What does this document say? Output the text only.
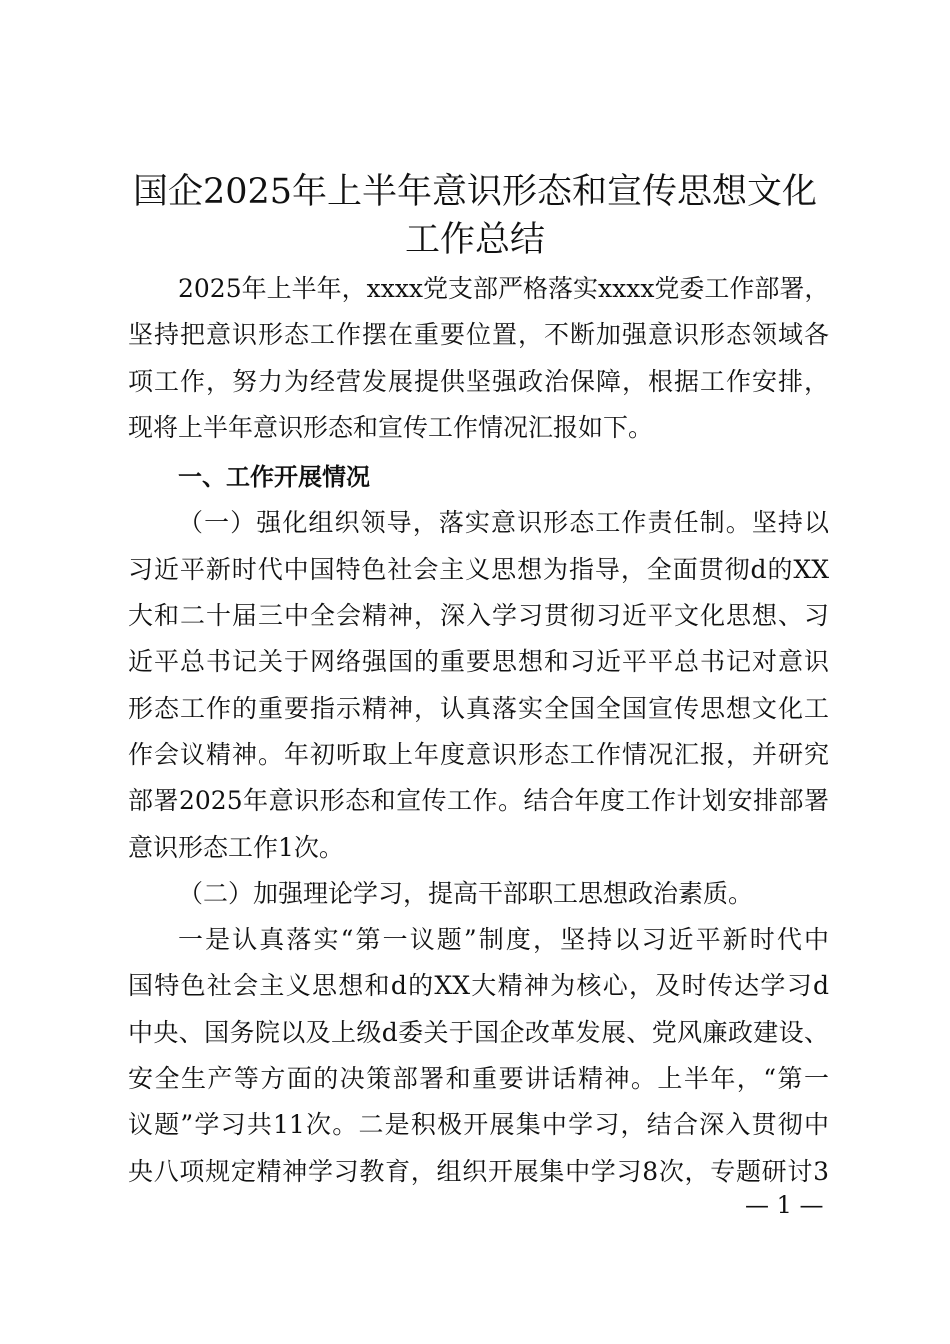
国企2025年上半年意识形态和宣传思想文化
工作总结
2025年上半年，xxxx党支部严格落实xxxx党委工作部署，
坚持把意识形态工作摆在重要位置，不断加强意识形态领域各
项工作，努力为经营发展提供坚强政治保障，根据工作安排，
现将上半年意识形态和宣传工作情况汇报如下。
一、工作开展情况
（一）强化组织领导，落实意识形态工作责任制。坚持以
习近平新时代中国特色社会主义思想为指导，全面贯彻d的XX
大和二十届三中全会精神，深入学习贯彻习近平文化思想、习
近平总书记关于网络强国的重要思想和习近平平总书记对意识
形态工作的重要指示精神，认真落实全国全国宣传思想文化工
作会议精神。年初听取上年度意识形态工作情况汇报，并研究
部署2025年意识形态和宣传工作。结合年度工作计划安排部署
意识形态工作1次。
（二）加强理论学习，提高干部职工思想政治素质。
一是认真落实“第一议题”制度，坚持以习近平新时代中
国特色社会主义思想和d的XX大精神为核心，及时传达学习d
中央、国务院以及上级d委关于国企改革发展、党风廉政建设、
安全生产等方面的决策部署和重要讲话精神。上半年，“第一
议题”学习共11次。二是积极开展集中学习，结合深入贯彻中
央八项规定精神学习教育，组织开展集中学习8次，专题研讨3
— 1 —
